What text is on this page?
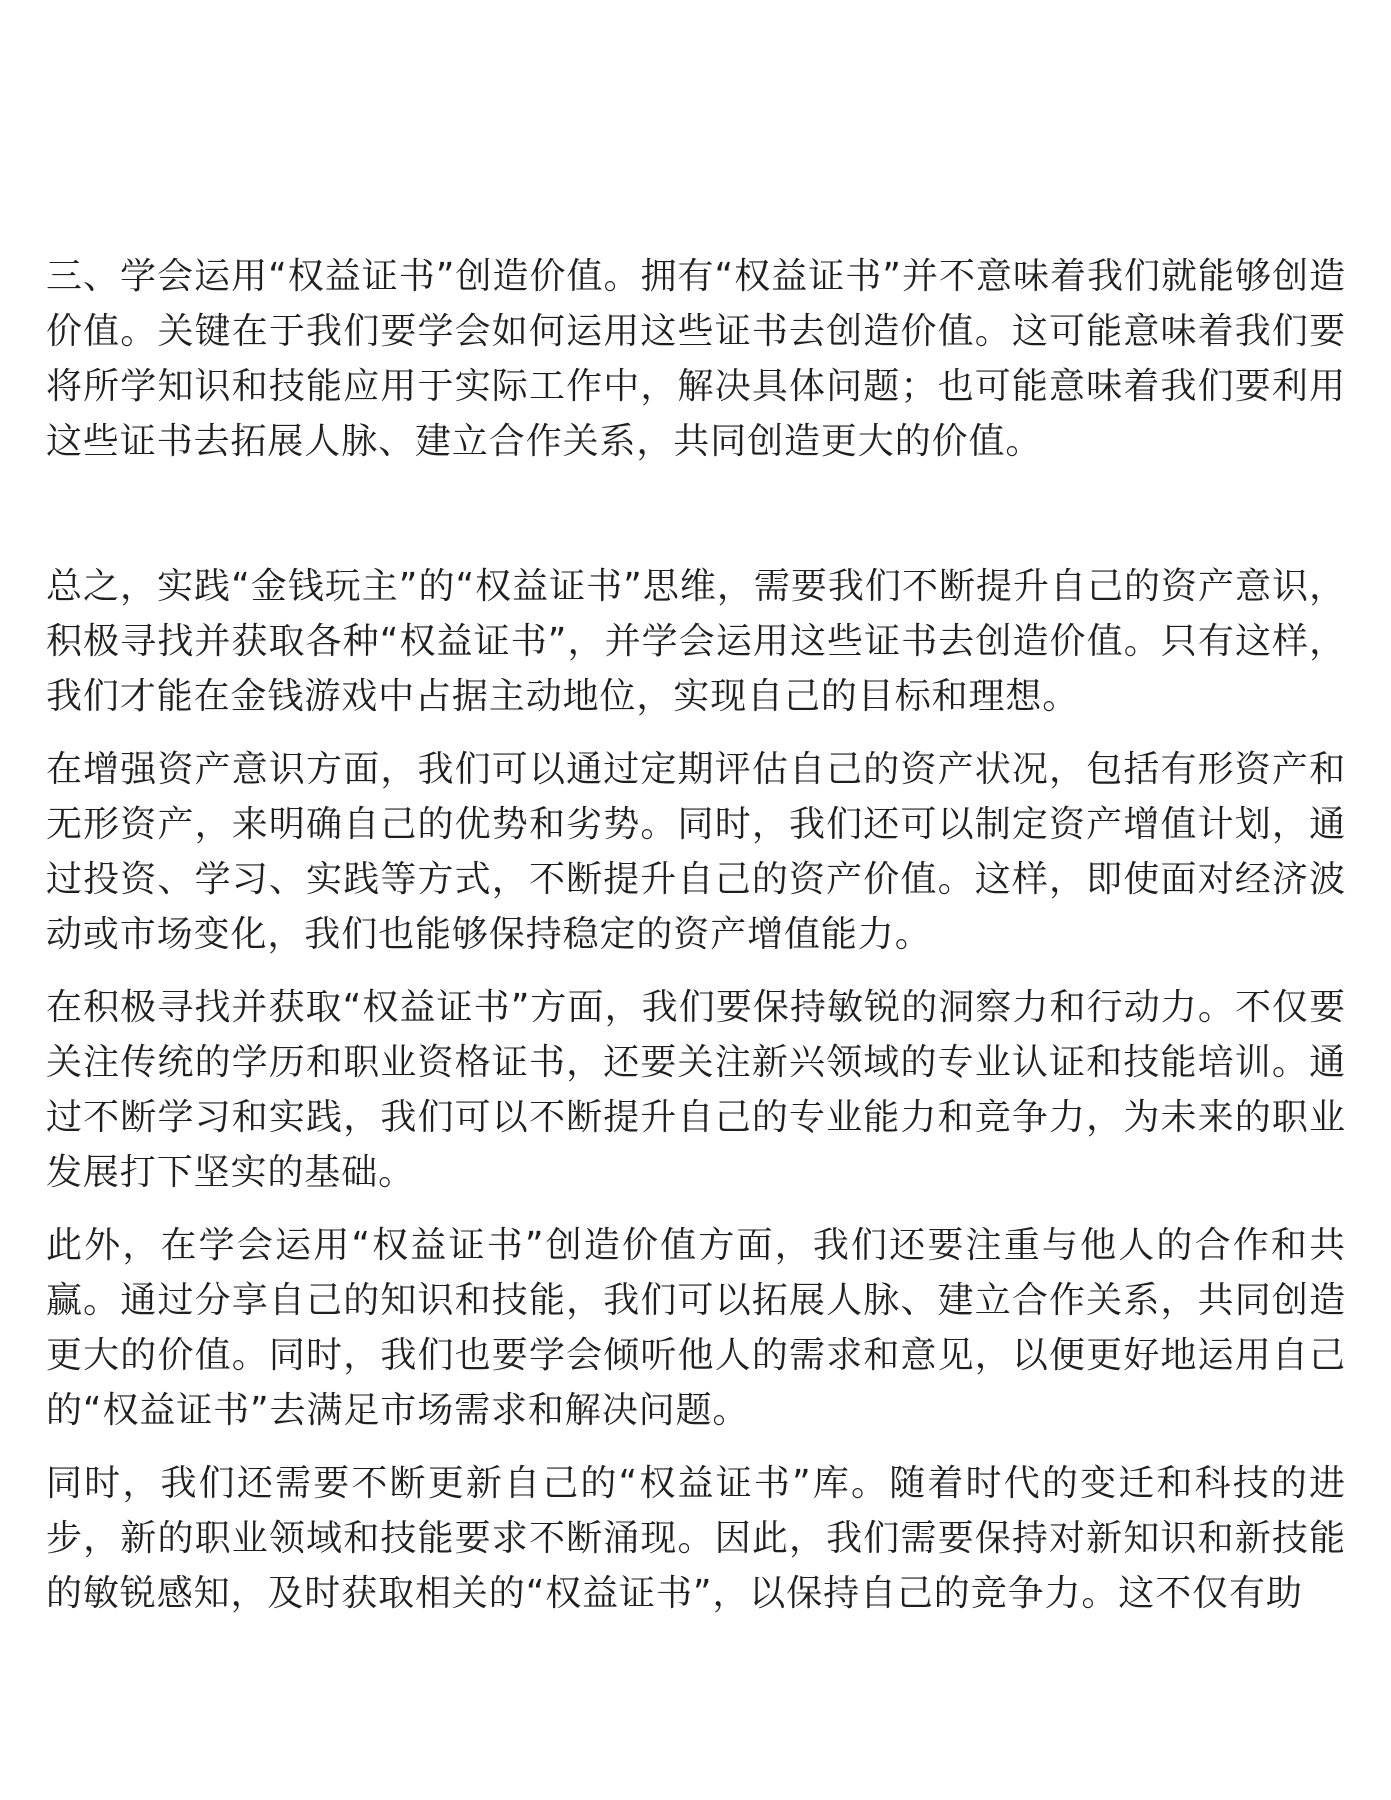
三、学会运用“权益证书”创造价值。拥有“权益证书”并不意味着我们就能够创造价值。关键在于我们要学会如何运用这些证书去创造价值。这可能意味着我们要将所学知识和技能应用于实际工作中，解决具体问题；也可能意味着我们要利用这些证书去拓展人脉、建立合作关系，共同创造更大的价值。

总之，实践“金钱玩主”的“权益证书”思维，需要我们不断提升自己的资产意识，积极寻找并获取各种“权益证书”，并学会运用这些证书去创造价值。只有这样，我们才能在金钱游戏中占据主动地位，实现自己的目标和理想。

在增强资产意识方面，我们可以通过定期评估自己的资产状况，包括有形资产和无形资产，来明确自己的优势和劣势。同时，我们还可以制定资产增值计划，通过投资、学习、实践等方式，不断提升自己的资产价值。这样，即使面对经济波动或市场变化，我们也能够保持稳定的资产增值能力。

在积极寻找并获取“权益证书”方面，我们要保持敏锐的洞察力和行动力。不仅要关注传统的学历和职业资格证书，还要关注新兴领域的专业认证和技能培训。通过不断学习和实践，我们可以不断提升自己的专业能力和竞争力，为未来的职业发展打下坚实的基础。

此外，在学会运用“权益证书”创造价值方面，我们还要注重与他人的合作和共赢。通过分享自己的知识和技能，我们可以拓展人脉、建立合作关系，共同创造更大的价值。同时，我们也要学会倾听他人的需求和意见，以便更好地运用自己的“权益证书”去满足市场需求和解决问题。

同时，我们还需要不断更新自己的“权益证书”库。随着时代的变迁和科技的进步，新的职业领域和技能要求不断涌现。因此，我们需要保持对新知识和新技能的敏锐感知，及时获取相关的“权益证书”，以保持自己的竞争力。这不仅有助
